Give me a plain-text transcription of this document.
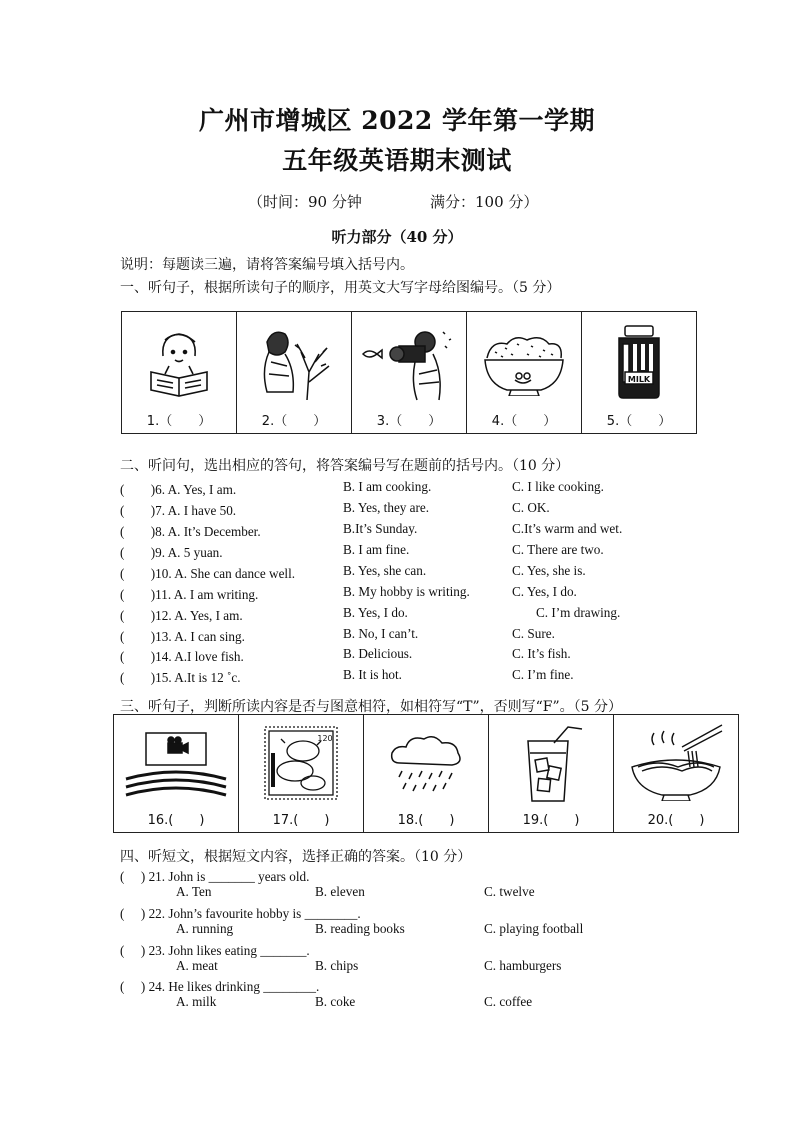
广州市增城区 2022 学年第一学期
五年级英语期末测试
（时间：90 分钟	满分：100 分）
听力部分（40 分）
说明：每题读三遍，请将答案编号填入括号内。
一、听句子，根据所读句子的顺序，用英文大写字母给图编号。（5 分）
1.（　　）	2.（　　）	3.（　　）	4.（　　）

MILK
5.（　　）
二、听问句，选出相应的答句，将答案编号写在题前的括号内。（10 分）
(　　)6. A. Yes, I am.	B. I am cooking.	C. I like cooking.
(　　)7. A. I have 50.	B. Yes, they are.	C. OK.
(　　)8. A. It’s December.	B.It’s Sunday.	C.It’s warm and wet.
(　　)9. A. 5 yuan.	B. I am fine.	C. There are two.
(　　)10. A. She can dance well.	B. Yes, she can.	C. Yes, she is.
(　　)11. A. I am writing.	B. My hobby is writing.	C. Yes, I do.
(　　)12. A. Yes, I am.	B. Yes, I do.	C. I’m drawing.
(　　)13. A. I can sing.	B. No, I can’t.	C. Sure.
(　　)14. A.I love fish.	B. Delicious.	C. It’s fish.
(　　)15. A.It is 12 ˚c.	B. It is hot.	C. I’m fine.
三、听句子，判断所读内容是否与图意相符，如相符写“T”，否则写“F”。（5 分）
16.(　　)

120
17.(　　)	18.(　　)	19.(　　)	20.(　　)
四、听短文，根据短文内容，选择正确的答案。（10 分）
(　 ) 21. John is _______ years old.
A. Ten	B. eleven	C. twelve
(　 ) 22. John’s favourite hobby is ________.
A. running	B. reading books	C. playing football
(　 ) 23. John likes eating _______.
A. meat	B. chips	C. hamburgers
(　 ) 24. He likes drinking ________.
A. milk	B. coke	C. coffee
